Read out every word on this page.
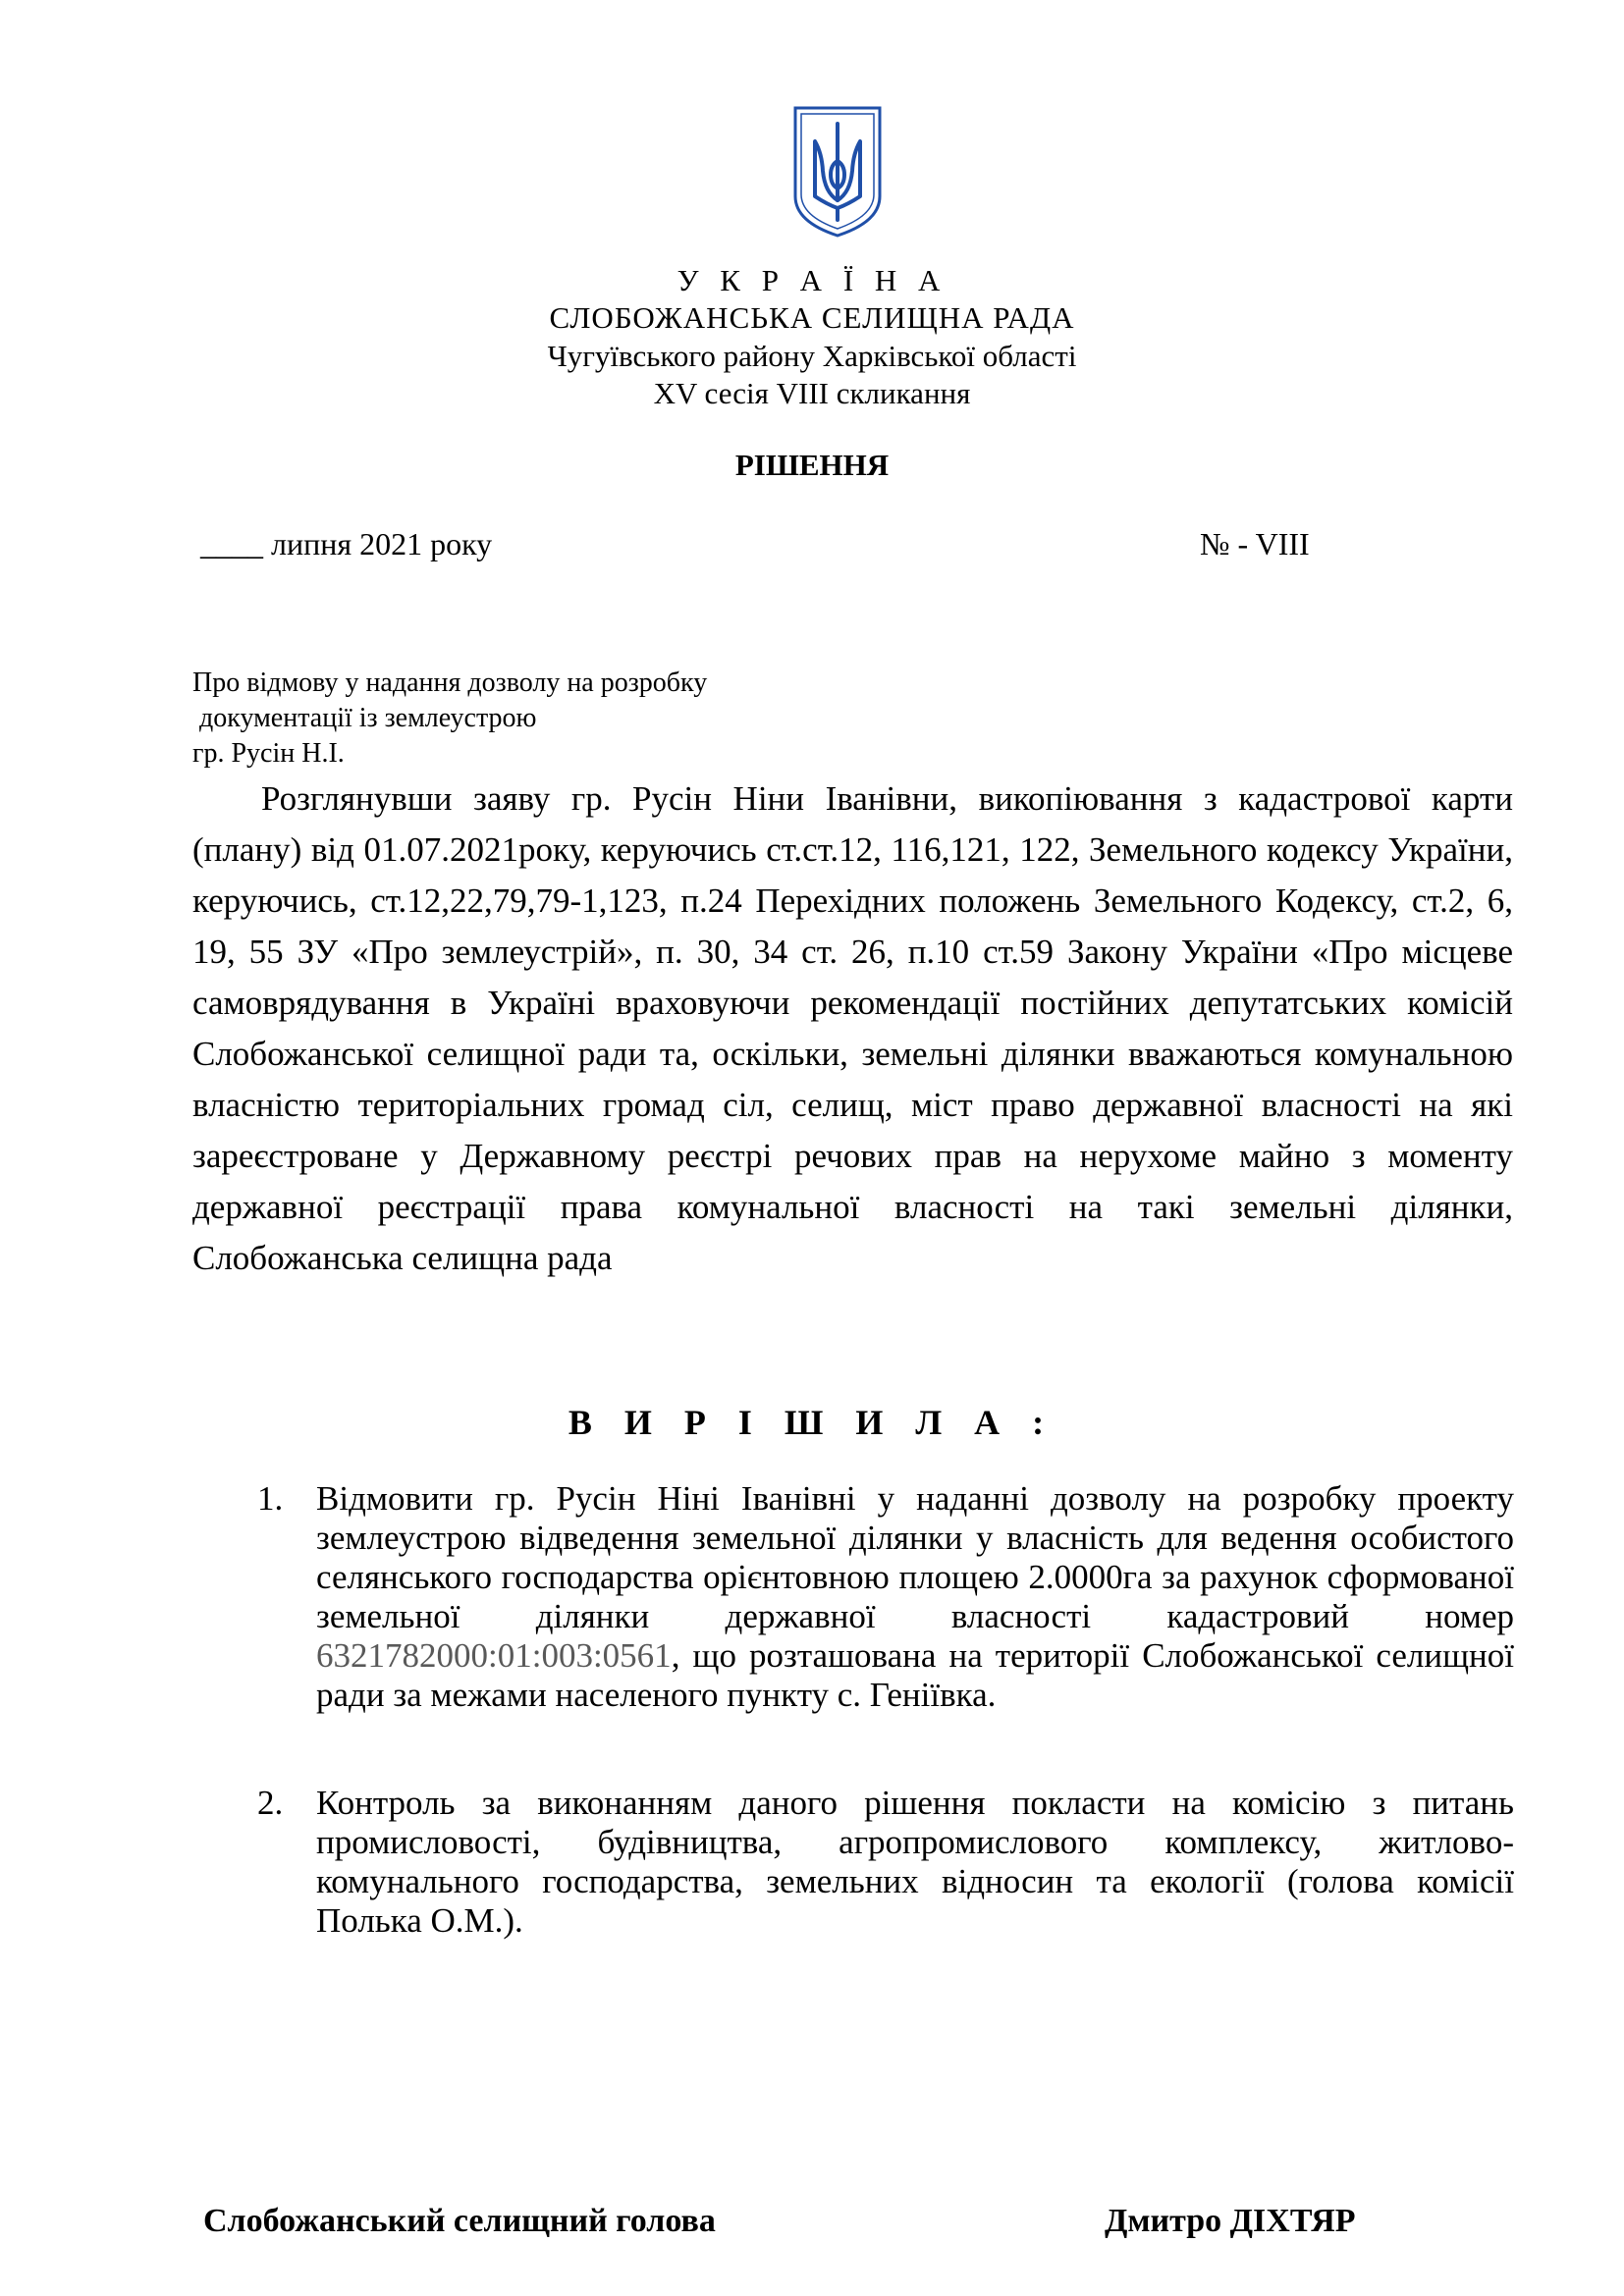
У К Р А Ї Н А
СЛОБОЖАНСЬКА СЕЛИЩНА РАДА
Чугуївського району Харківської області
XV сесія VIII скликання
РІШЕННЯ
____ липня 2021 року	№ - VIII
Про відмову у надання дозволу на розробку
документації із землеустрою
гр. Русін Н.І.
Розглянувши заяву гр. Русін Ніни Іванівни, викопіювання з кадастрової карти (плану) від 01.07.2021року, керуючись ст.ст.12, 116,121, 122, Земельного кодексу України, керуючись, ст.12,22,79,79-1,123, п.24 Перехідних положень Земельного Кодексу, ст.2, 6, 19, 55 ЗУ «Про землеустрій», п. 30, 34 ст. 26, п.10 ст.59 Закону України «Про місцеве самоврядування в Україні враховуючи рекомендації постійних депутатських комісій Слобожанської селищної ради та, оскільки, земельні ділянки вважаються комунальною власністю територіальних громад сіл, селищ, міст право державної власності на які зареєстроване у Державному реєстрі речових прав на нерухоме майно з моменту державної реєстрації права комунальної власності на такі земельні ділянки, Слобожанська селищна рада
В И Р І Ш И Л А :
1. Відмовити гр. Русін Ніні Іванівні у наданні дозволу на розробку проекту землеустрою відведення земельної ділянки у власність для ведення особистого селянського господарства орієнтовною площею 2.0000га за рахунок сформованої земельної ділянки державної власності кадастровий номер 6321782000:01:003:0561, що розташована на території Слобожанської селищної ради за межами населеного пункту с. Геніївка.
2. Контроль за виконанням даного рішення покласти на комісію з питань промисловості, будівництва, агропромислового комплексу, житлово-комунального господарства, земельних відносин та екології (голова комісії Полька О.М.).
Слобожанський селищний голова	Дмитро ДІХТЯР
